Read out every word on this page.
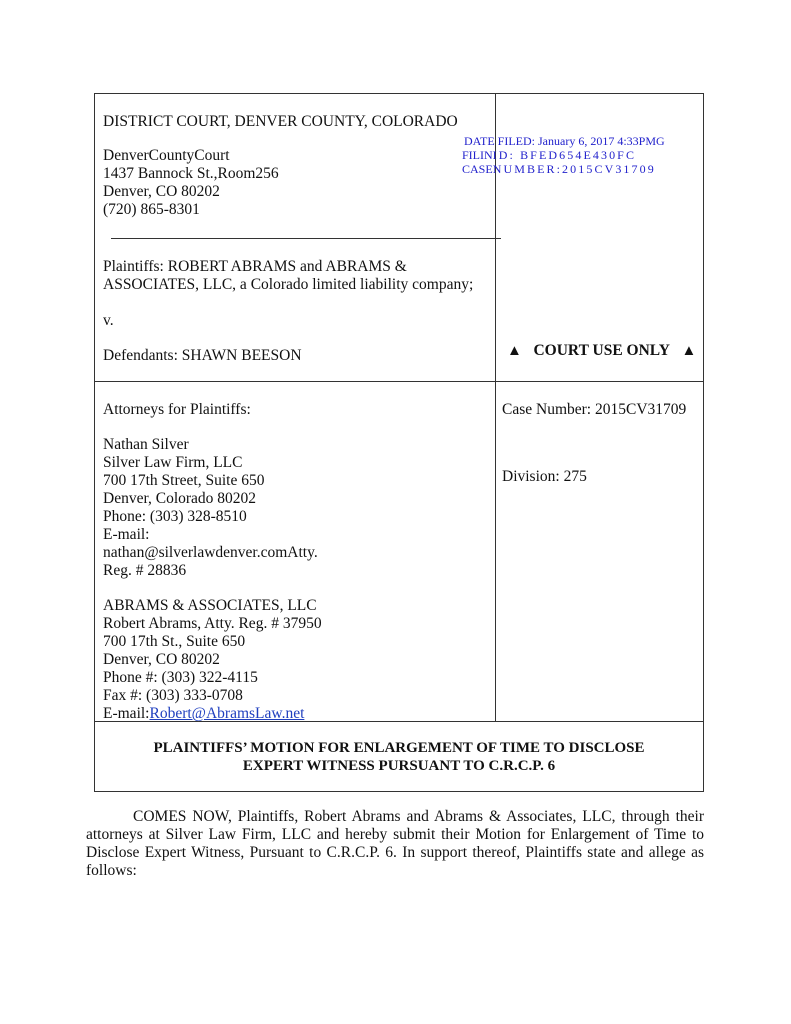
DISTRICT COURT, DENVER COUNTY, COLORADO
DenverCountyCourt
1437 Bannock St.,Room256
Denver, CO 80202
(720) 865-8301
DATE FILED: January 6, 2017 4:33PMG
FILINID: BFED654E430FC
CASENUMBER:2015CV31709
Plaintiffs: ROBERT ABRAMS and ABRAMS &
ASSOCIATES, LLC, a Colorado limited liability company;
v.
Defendants: SHAWN BEESON	▲ COURT USE ONLY ▲
Attorneys for Plaintiffs:
Nathan Silver
Silver Law Firm, LLC
700 17th Street, Suite 650
Denver, Colorado 80202
Phone: (303) 328-8510
E-mail:
nathan@silverlawdenver.comAtty.
Reg. # 28836
ABRAMS & ASSOCIATES, LLC
Robert Abrams, Atty. Reg. # 37950
700 17th St., Suite 650
Denver, CO 80202
Phone #: (303) 322-4115
Fax #: (303) 333-0708
E-mail:Robert@AbramsLaw.net
Case Number: 2015CV31709
Division: 275
PLAINTIFFS’ MOTION FOR ENLARGEMENT OF TIME TO DISCLOSE
EXPERT WITNESS PURSUANT TO C.R.C.P. 6
COMES NOW, Plaintiffs, Robert Abrams and Abrams & Associates, LLC, through their attorneys at Silver Law Firm, LLC and hereby submit their Motion for Enlargement of Time to Disclose Expert Witness, Pursuant to C.R.C.P. 6. In support thereof, Plaintiffs state and allege as follows:
